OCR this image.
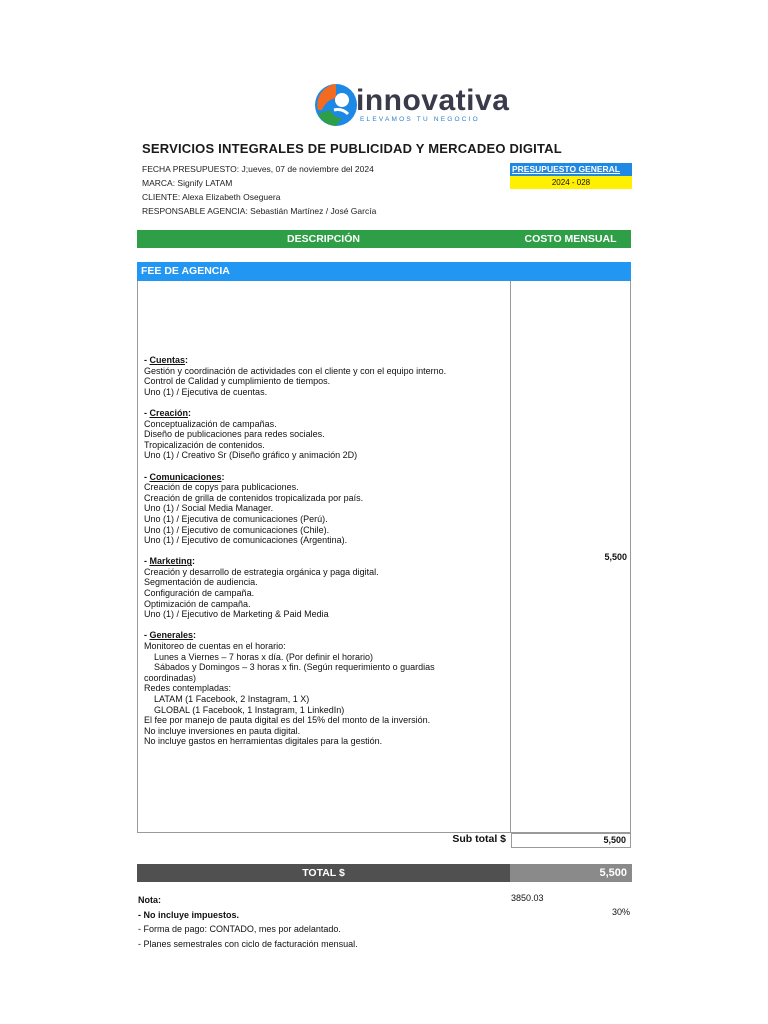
innovativa
ELEVAMOS TU NEGOCIO
SERVICIOS INTEGRALES DE PUBLICIDAD Y MERCADEO DIGITAL
FECHA PRESUPUESTO: J;ueves, 07 de noviembre del 2024
MARCA: Signify LATAM
CLIENTE: Alexa Elizabeth Oseguera
RESPONSABLE AGENCIA: Sebastián Martínez / José García
PRESUPUESTO GENERAL
2024 - 028
DESCRIPCIÓN	COSTO MENSUAL
FEE DE AGENCIA
- Cuentas:
Gestión y coordinación de actividades con el cliente y con el equipo interno.
Control de Calidad y cumplimiento de tiempos.
Uno (1) / Ejecutiva de cuentas.
- Creación:
Conceptualización de campañas.
Diseño de publicaciones para redes sociales.
Tropicalización de contenidos.
Uno (1) / Creativo Sr (Diseño gráfico y animación 2D)
- Comunicaciones:
Creación de copys para publicaciones.
Creación de grilla de contenidos tropicalizada por país.
Uno (1) / Social Media Manager.
Uno (1) / Ejecutiva de comunicaciones (Perú).
Uno (1) / Ejecutivo de comunicaciones (Chile).
Uno (1) / Ejecutivo de comunicaciones (Argentina).
- Marketing:
Creación y desarrollo de estrategia orgánica y paga digital.
Segmentación de audiencia.
Configuración de campaña.
Optimización de campaña.
Uno (1) / Ejecutivo de Marketing & Paid Media
- Generales:
Monitoreo de cuentas en el horario:
Lunes a Viernes – 7 horas x día. (Por definir el horario)
Sábados y Domingos – 3 horas x fin. (Según requerimiento o guardias
coordinadas)
Redes contempladas:
LATAM (1 Facebook, 2 Instagram, 1 X)
GLOBAL (1 Facebook, 1 Instagram, 1 LinkedIn)
El fee por manejo de pauta digital es del 15% del monto de la inversión.
No incluye inversiones en pauta digital.
No incluye gastos en herramientas digitales para la gestión.
5,500
Sub total $	5,500
TOTAL $	5,500
Nota:
- No incluye impuestos.
- Forma de pago: CONTADO, mes por adelantado.
- Planes semestrales con ciclo de facturación mensual.
3850.03
30%
